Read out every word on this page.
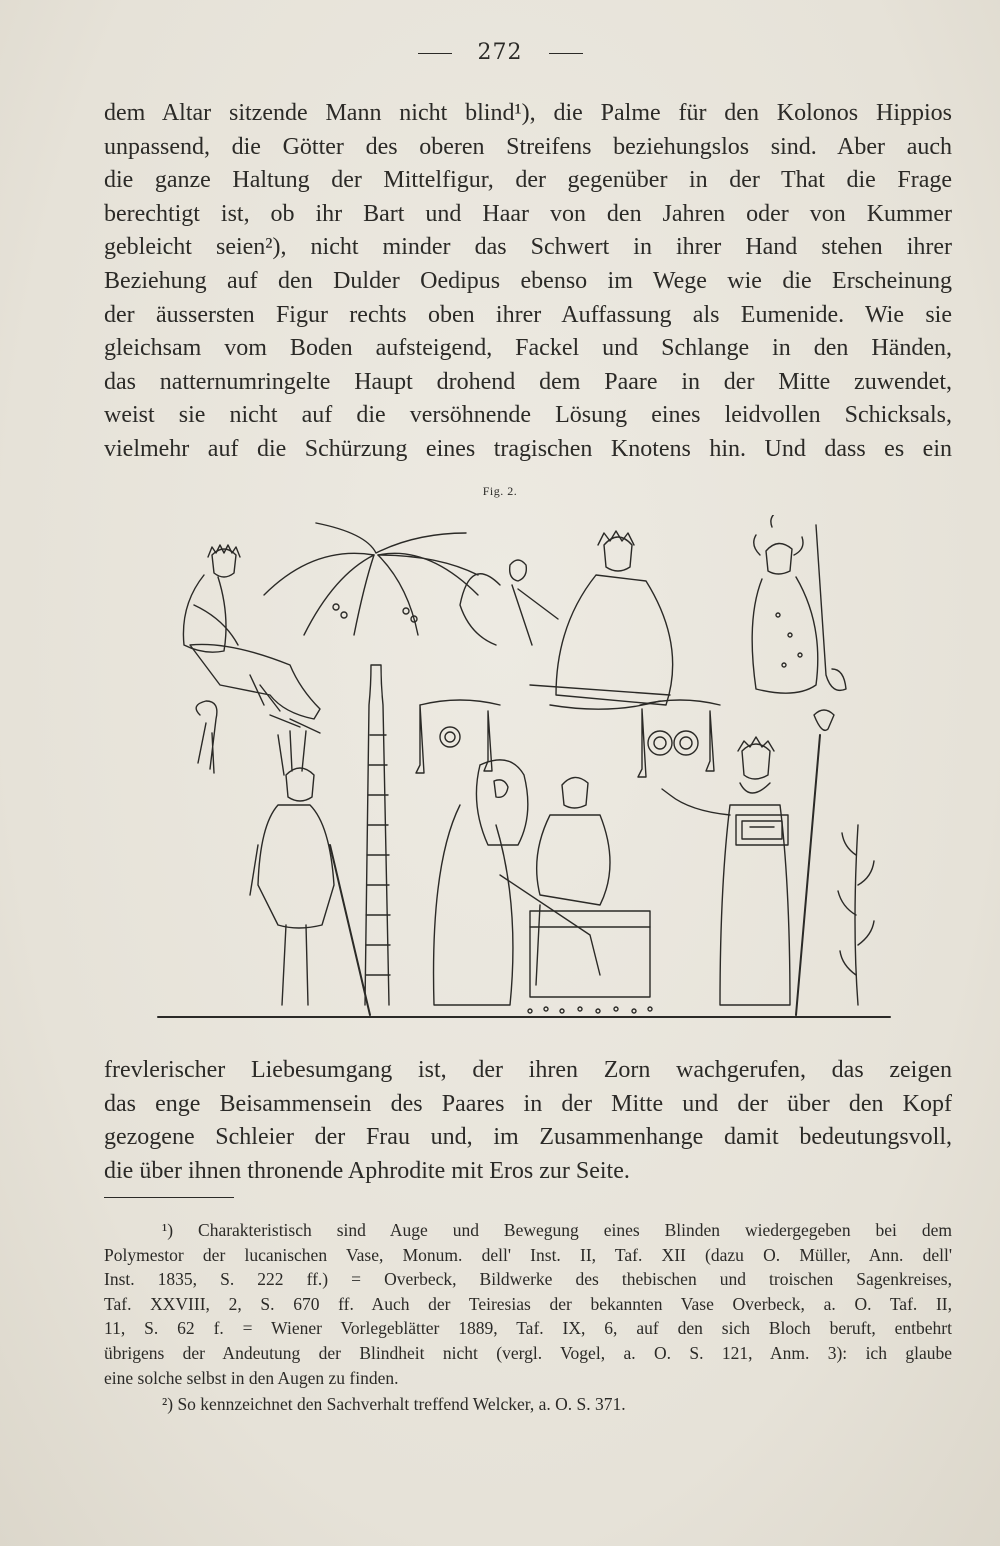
272
dem Altar sitzende Mann nicht blind¹), die Palme für den Kolonos Hippios
unpassend, die Götter des oberen Streifens beziehungslos sind. Aber auch
die ganze Haltung der Mittelfigur, der gegenüber in der That die Frage
berechtigt ist, ob ihr Bart und Haar von den Jahren oder von Kummer
gebleicht seien²), nicht minder das Schwert in ihrer Hand stehen ihrer
Beziehung auf den Dulder Oedipus ebenso im Wege wie die Erscheinung
der äussersten Figur rechts oben ihrer Auffassung als Eumenide. Wie sie
gleichsam vom Boden aufsteigend, Fackel und Schlange in den Händen,
das natternumringelte Haupt drohend dem Paare in der Mitte zuwendet,
weist sie nicht auf die versöhnende Lösung eines leidvollen Schicksals,
vielmehr auf die Schürzung eines tragischen Knotens hin. Und dass es ein
Fig. 2.
frevlerischer Liebesumgang ist, der ihren Zorn wachgerufen, das zeigen
das enge Beisammensein des Paares in der Mitte und der über den Kopf
gezogene Schleier der Frau und, im Zusammenhange damit bedeutungsvoll,
die über ihnen thronende Aphrodite mit Eros zur Seite.
¹) Charakteristisch sind Auge und Bewegung eines Blinden wiedergegeben bei dem
Polymestor der lucanischen Vase, Monum. dell' Inst. II, Taf. XII (dazu O. Müller, Ann. dell'
Inst. 1835, S. 222 ff.) = Overbeck, Bildwerke des thebischen und troischen Sagenkreises,
Taf. XXVIII, 2, S. 670 ff. Auch der Teiresias der bekannten Vase Overbeck, a. O. Taf. II,
11, S. 62 f. = Wiener Vorlegeblätter 1889, Taf. IX, 6, auf den sich Bloch beruft, entbehrt
übrigens der Andeutung der Blindheit nicht (vergl. Vogel, a. O. S. 121, Anm. 3): ich glaube
eine solche selbst in den Augen zu finden.
²) So kennzeichnet den Sachverhalt treffend Welcker, a. O. S. 371.
